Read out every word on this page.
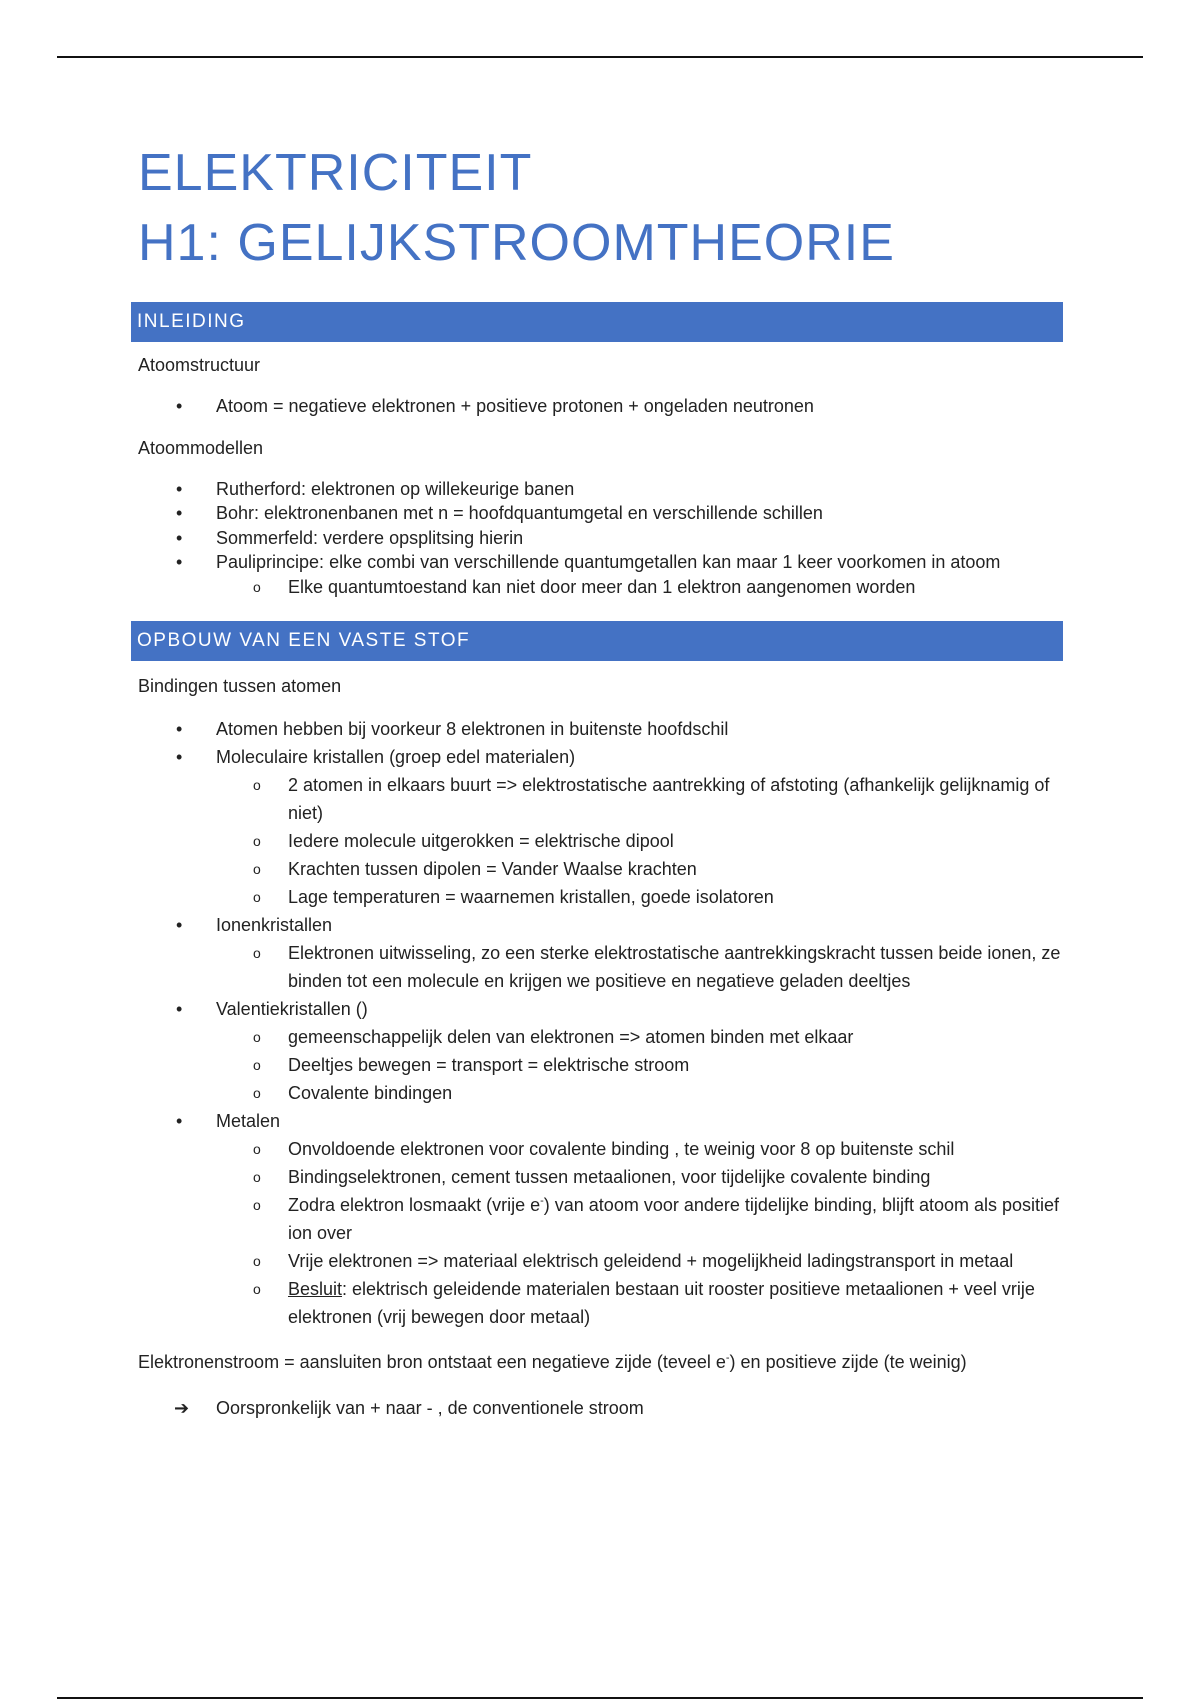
ELEKTRICITEIT
H1: GELIJKSTROOMTHEORIE
INLEIDING

Atoomstructuur

• Atoom = negatieve elektronen + positieve protonen + ongeladen neutronen

Atoommodellen

• Rutherford: elektronen op willekeurige banen
• Bohr: elektronenbanen met n = hoofdquantumgetal en verschillende schillen
• Sommerfeld: verdere opsplitsing hierin
• Pauliprincipe: elke combi van verschillende quantumgetallen kan maar 1 keer voorkomen in atoom
o Elke quantumtoestand kan niet door meer dan 1 elektron aangenomen worden
OPBOUW VAN EEN VASTE STOF

Bindingen tussen atomen

• Atomen hebben bij voorkeur 8 elektronen in buitenste hoofdschil
• Moleculaire kristallen (groep edel materialen)
o 2 atomen in elkaars buurt => elektrostatische aantrekking of afstoting (afhankelijk gelijknamig of niet)
o Iedere molecule uitgerokken = elektrische dipool
o Krachten tussen dipolen = Vander Waalse krachten
o Lage temperaturen = waarnemen kristallen, goede isolatoren
• Ionenkristallen
o Elektronen uitwisseling, zo een sterke elektrostatische aantrekkingskracht tussen beide ionen, ze binden tot een molecule en krijgen we positieve en negatieve geladen deeltjes
• Valentiekristallen ()
o gemeenschappelijk delen van elektronen => atomen binden met elkaar
o Deeltjes bewegen = transport = elektrische stroom
o Covalente bindingen
• Metalen
o Onvoldoende elektronen voor covalente binding , te weinig voor 8 op buitenste schil
o Bindingselektronen, cement tussen metaalionen, voor tijdelijke covalente binding
o Zodra elektron losmaakt (vrije e-) van atoom voor andere tijdelijke binding, blijft atoom als positief ion over
o Vrije elektronen => materiaal elektrisch geleidend + mogelijkheid ladingstransport in metaal
o Besluit: elektrisch geleidende materialen bestaan uit rooster positieve metaalionen + veel vrije elektronen (vrij bewegen door metaal)

Elektronenstroom = aansluiten bron ontstaat een negatieve zijde (teveel e-) en positieve zijde (te weinig)

➔ Oorspronkelijk van + naar - , de conventionele stroom
